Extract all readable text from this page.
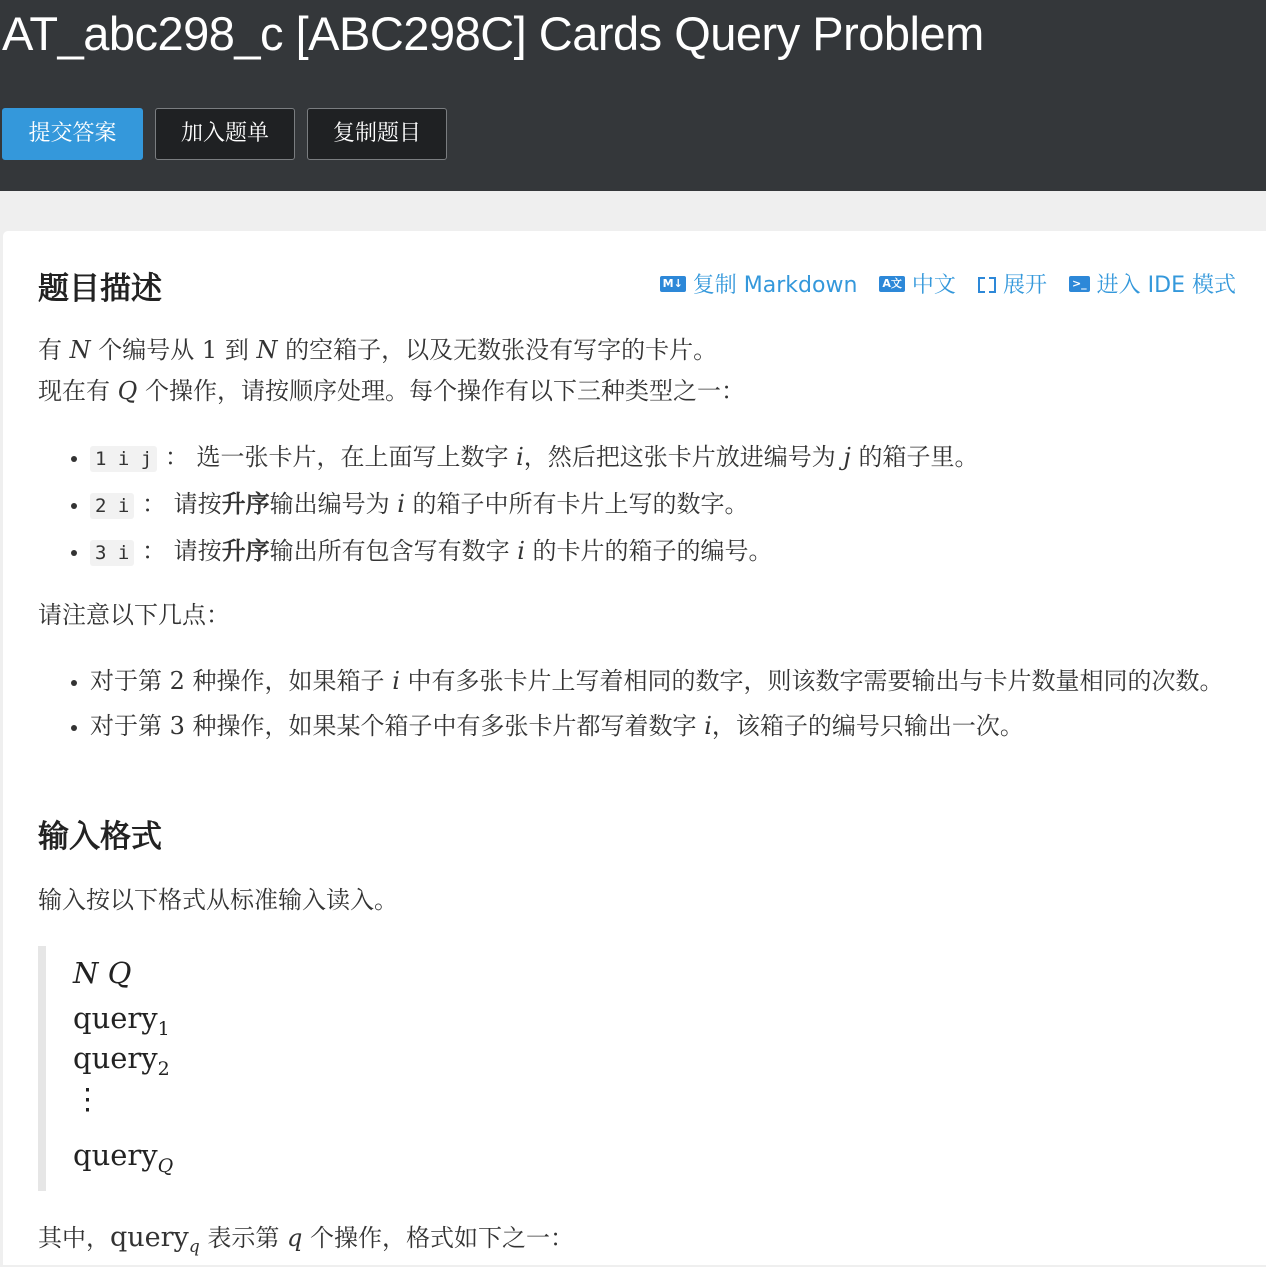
AT_abc298_c [ABC298C] Cards Query Problem
提交答案	加入题单	复制题目
题目描述	M↓ 复制 Markdown A文 中文 展开 >_ 进入 IDE 模式

有 N 个编号从 1 到 N 的空箱子，以及无数张没有写字的卡片。

现在有 Q 个操作，请按顺序处理。每个操作有以下三种类型之一：

• 1 i j ： 选一张卡片，在上面写上数字 i，然后把这张卡片放进编号为 j 的箱子里。
• 2 i ： 请按升序输出编号为 i 的箱子中所有卡片上写的数字。
• 3 i ： 请按升序输出所有包含写有数字 i 的卡片的箱子的编号。

请注意以下几点：

• 对于第 2 种操作，如果箱子 i 中有多张卡片上写着相同的数字，则该数字需要输出与卡片数量相同的次数。
• 对于第 3 种操作，如果某个箱子中有多张卡片都写着数字 i，该箱子的编号只输出一次。
输入格式

输入按以下格式从标准输入读入。

N Q
query$_1$
query$_2$
⋮
query$_Q$

其中，query$_q$ 表示第 q 个操作，格式如下之一：
